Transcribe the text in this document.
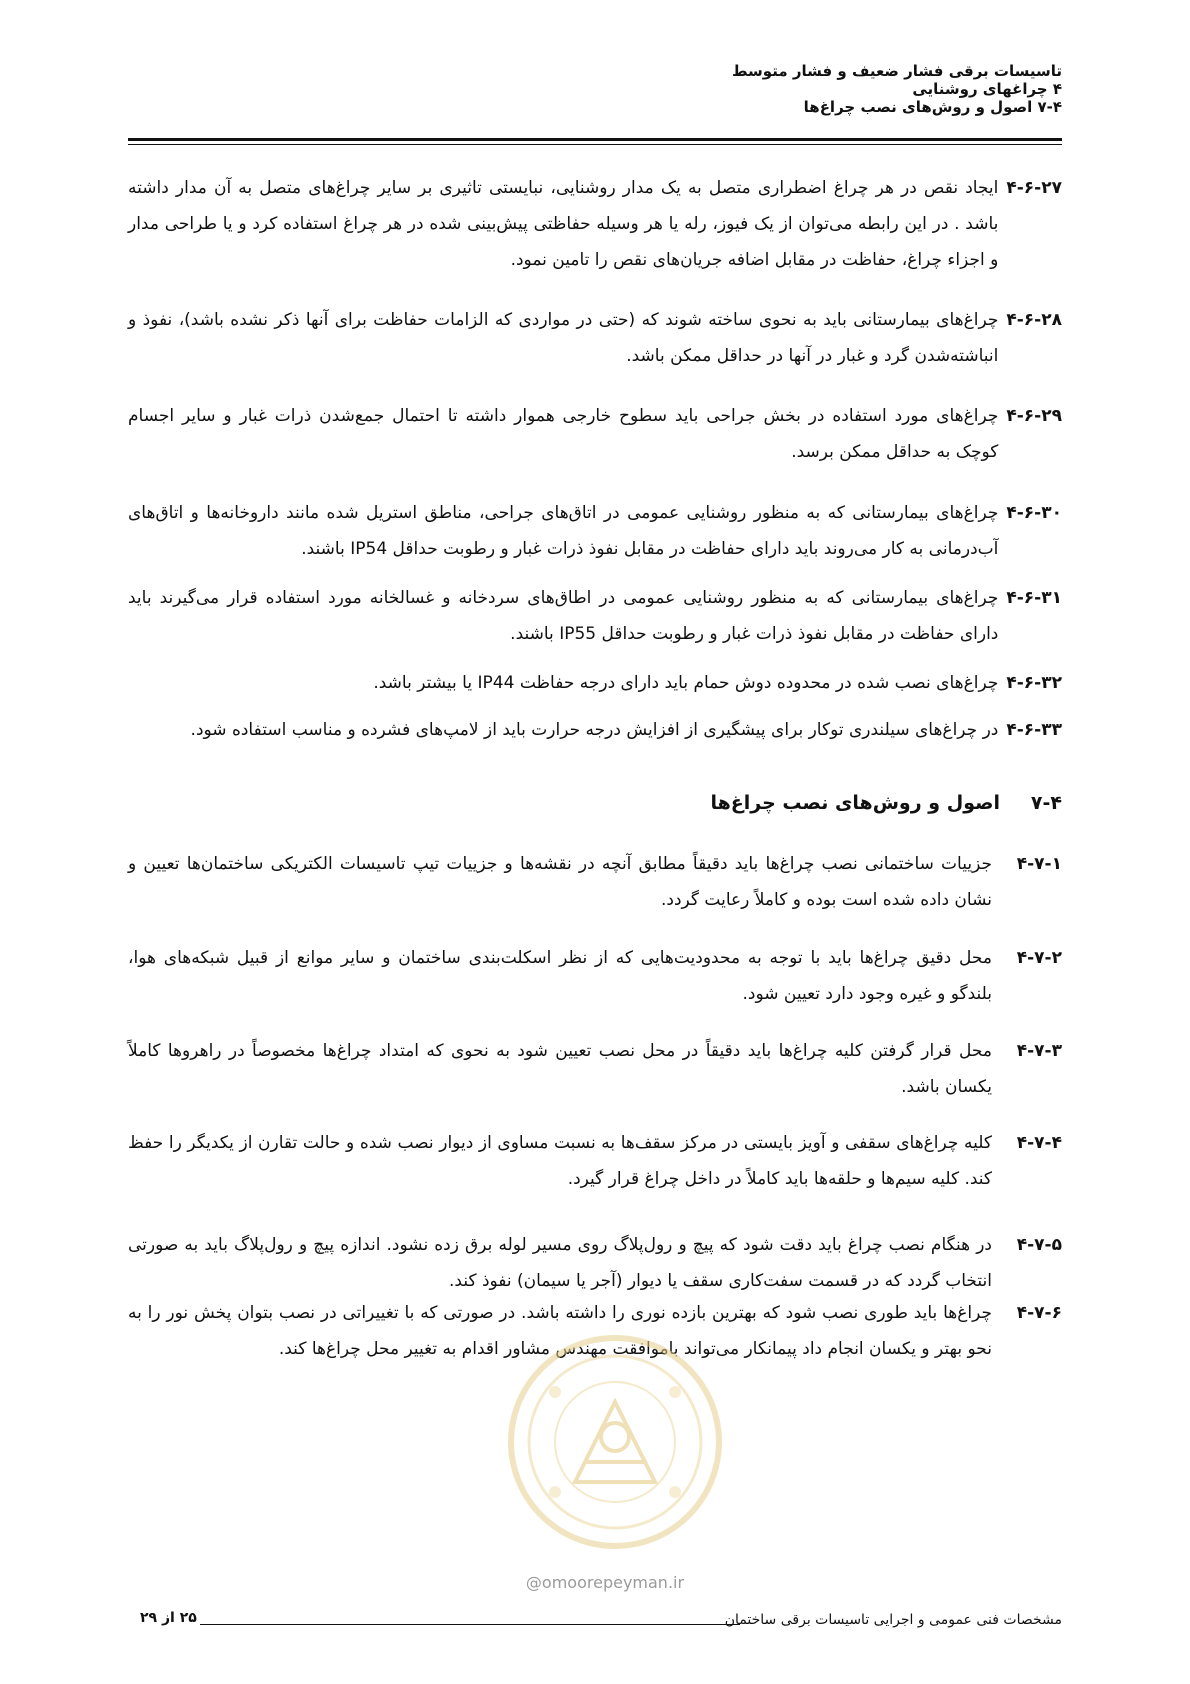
تاسیسات برقی فشار ضعیف و فشار متوسط
۴ چراغهای روشنایی
۷-۴ اصول و روش‌های نصب چراغ‌ها
۴-۶-۲۷
ایجاد نقص در هر چراغ اضطراری متصل به یک مدار روشنایی، نبایستی تاثیری بر سایر چراغ‌های متصل به آن مدار داشته باشد . در این رابطه می‌توان از یک فیوز، رله یا هر وسیله حفاظتی پیش‌بینی شده در هر چراغ استفاده کرد و یا طراحی مدار و اجزاء چراغ، حفاظت در مقابل اضافه جریان‌های نقص را تامین نمود.
۴-۶-۲۸
چراغ‌های بیمارستانی باید به نحوی ساخته شوند که (حتی در مواردی که الزامات حفاظت برای آنها ذکر نشده باشد)، نفوذ و انباشته‌شدن گرد و غبار در آنها در حداقل ممکن باشد.
۴-۶-۲۹
چراغ‌های مورد استفاده در بخش جراحی باید سطوح خارجی هموار داشته تا احتمال جمع‌شدن ذرات غبار و سایر اجسام کوچک به حداقل ممکن برسد.
۴-۶-۳۰
چراغ‌های بیمارستانی که به منظور روشنایی عمومی در اتاق‌های جراحی، مناطق استریل شده مانند داروخانه‌ها و اتاق‌های آب‌درمانی به کار می‌روند باید دارای حفاظت در مقابل نفوذ ذرات غبار و رطوبت حداقل IP54 باشند.
۴-۶-۳۱
چراغ‌های بیمارستانی که به منظور روشنایی عمومی در اطاق‌های سردخانه و غسالخانه مورد استفاده قرار می‌گیرند باید دارای حفاظت در مقابل نفوذ ذرات غبار و رطوبت حداقل IP55 باشند.
۴-۶-۳۲
چراغ‌های نصب شده در محدوده دوش حمام باید دارای درجه حفاظت IP44 یا بیشتر باشد.
۴-۶-۳۳
در چراغ‌های سیلندری توکار برای پیشگیری از افزایش درجه حرارت باید از لامپ‌های فشرده و مناسب استفاده شود.
۷-۴
اصول و روش‌های نصب چراغ‌ها
۴-۷-۱
جزییات ساختمانی نصب چراغ‌ها باید دقیقاً مطابق آنچه در نقشه‌ها و جزییات تیپ تاسیسات الکتریکی ساختمان‌ها تعیین و نشان داده شده است بوده و کاملاً رعایت گردد.
۴-۷-۲
محل دقیق چراغ‌ها باید با توجه به محدودیت‌هایی که از نظر اسکلت‌بندی ساختمان و سایر موانع از قبیل شبکه‌های هوا، بلندگو و غیره وجود دارد تعیین شود.
۴-۷-۳
محل قرار گرفتن کلیه چراغ‌ها باید دقیقاً در محل نصب تعیین شود به نحوی که امتداد چراغ‌ها مخصوصاً در راهروها کاملاً یکسان باشد.
۴-۷-۴
کلیه چراغ‌های سقفی و آویز بایستی در مرکز سقف‌ها به نسبت مساوی از دیوار نصب شده و حالت تقارن از یکدیگر را حفظ کند. کلیه سیم‌ها و حلقه‌ها باید کاملاً در داخل چراغ قرار گیرد.
۴-۷-۵
در هنگام نصب چراغ باید دقت شود که پیچ و رول‌پلاگ روی مسیر لوله برق زده نشود. اندازه پیچ و رول‌پلاگ باید به صورتی انتخاب گردد که در قسمت سفت‌کاری سقف یا دیوار (آجر یا سیمان) نفوذ کند.
۴-۷-۶
چراغ‌ها باید طوری نصب شود که بهترین بازده نوری را داشته باشد. در صورتی که با تغییراتی در نصب بتوان پخش نور را به نحو بهتر و یکسان انجام داد پیمانکار می‌تواند باموافقت مهندس مشاور اقدام به تغییر محل چراغ‌ها کند.
@omoorepeyman.ir
مشخصات فنی عمومی و اجرایی تاسیسات برقی ساختمان
۲۵ از ۲۹
